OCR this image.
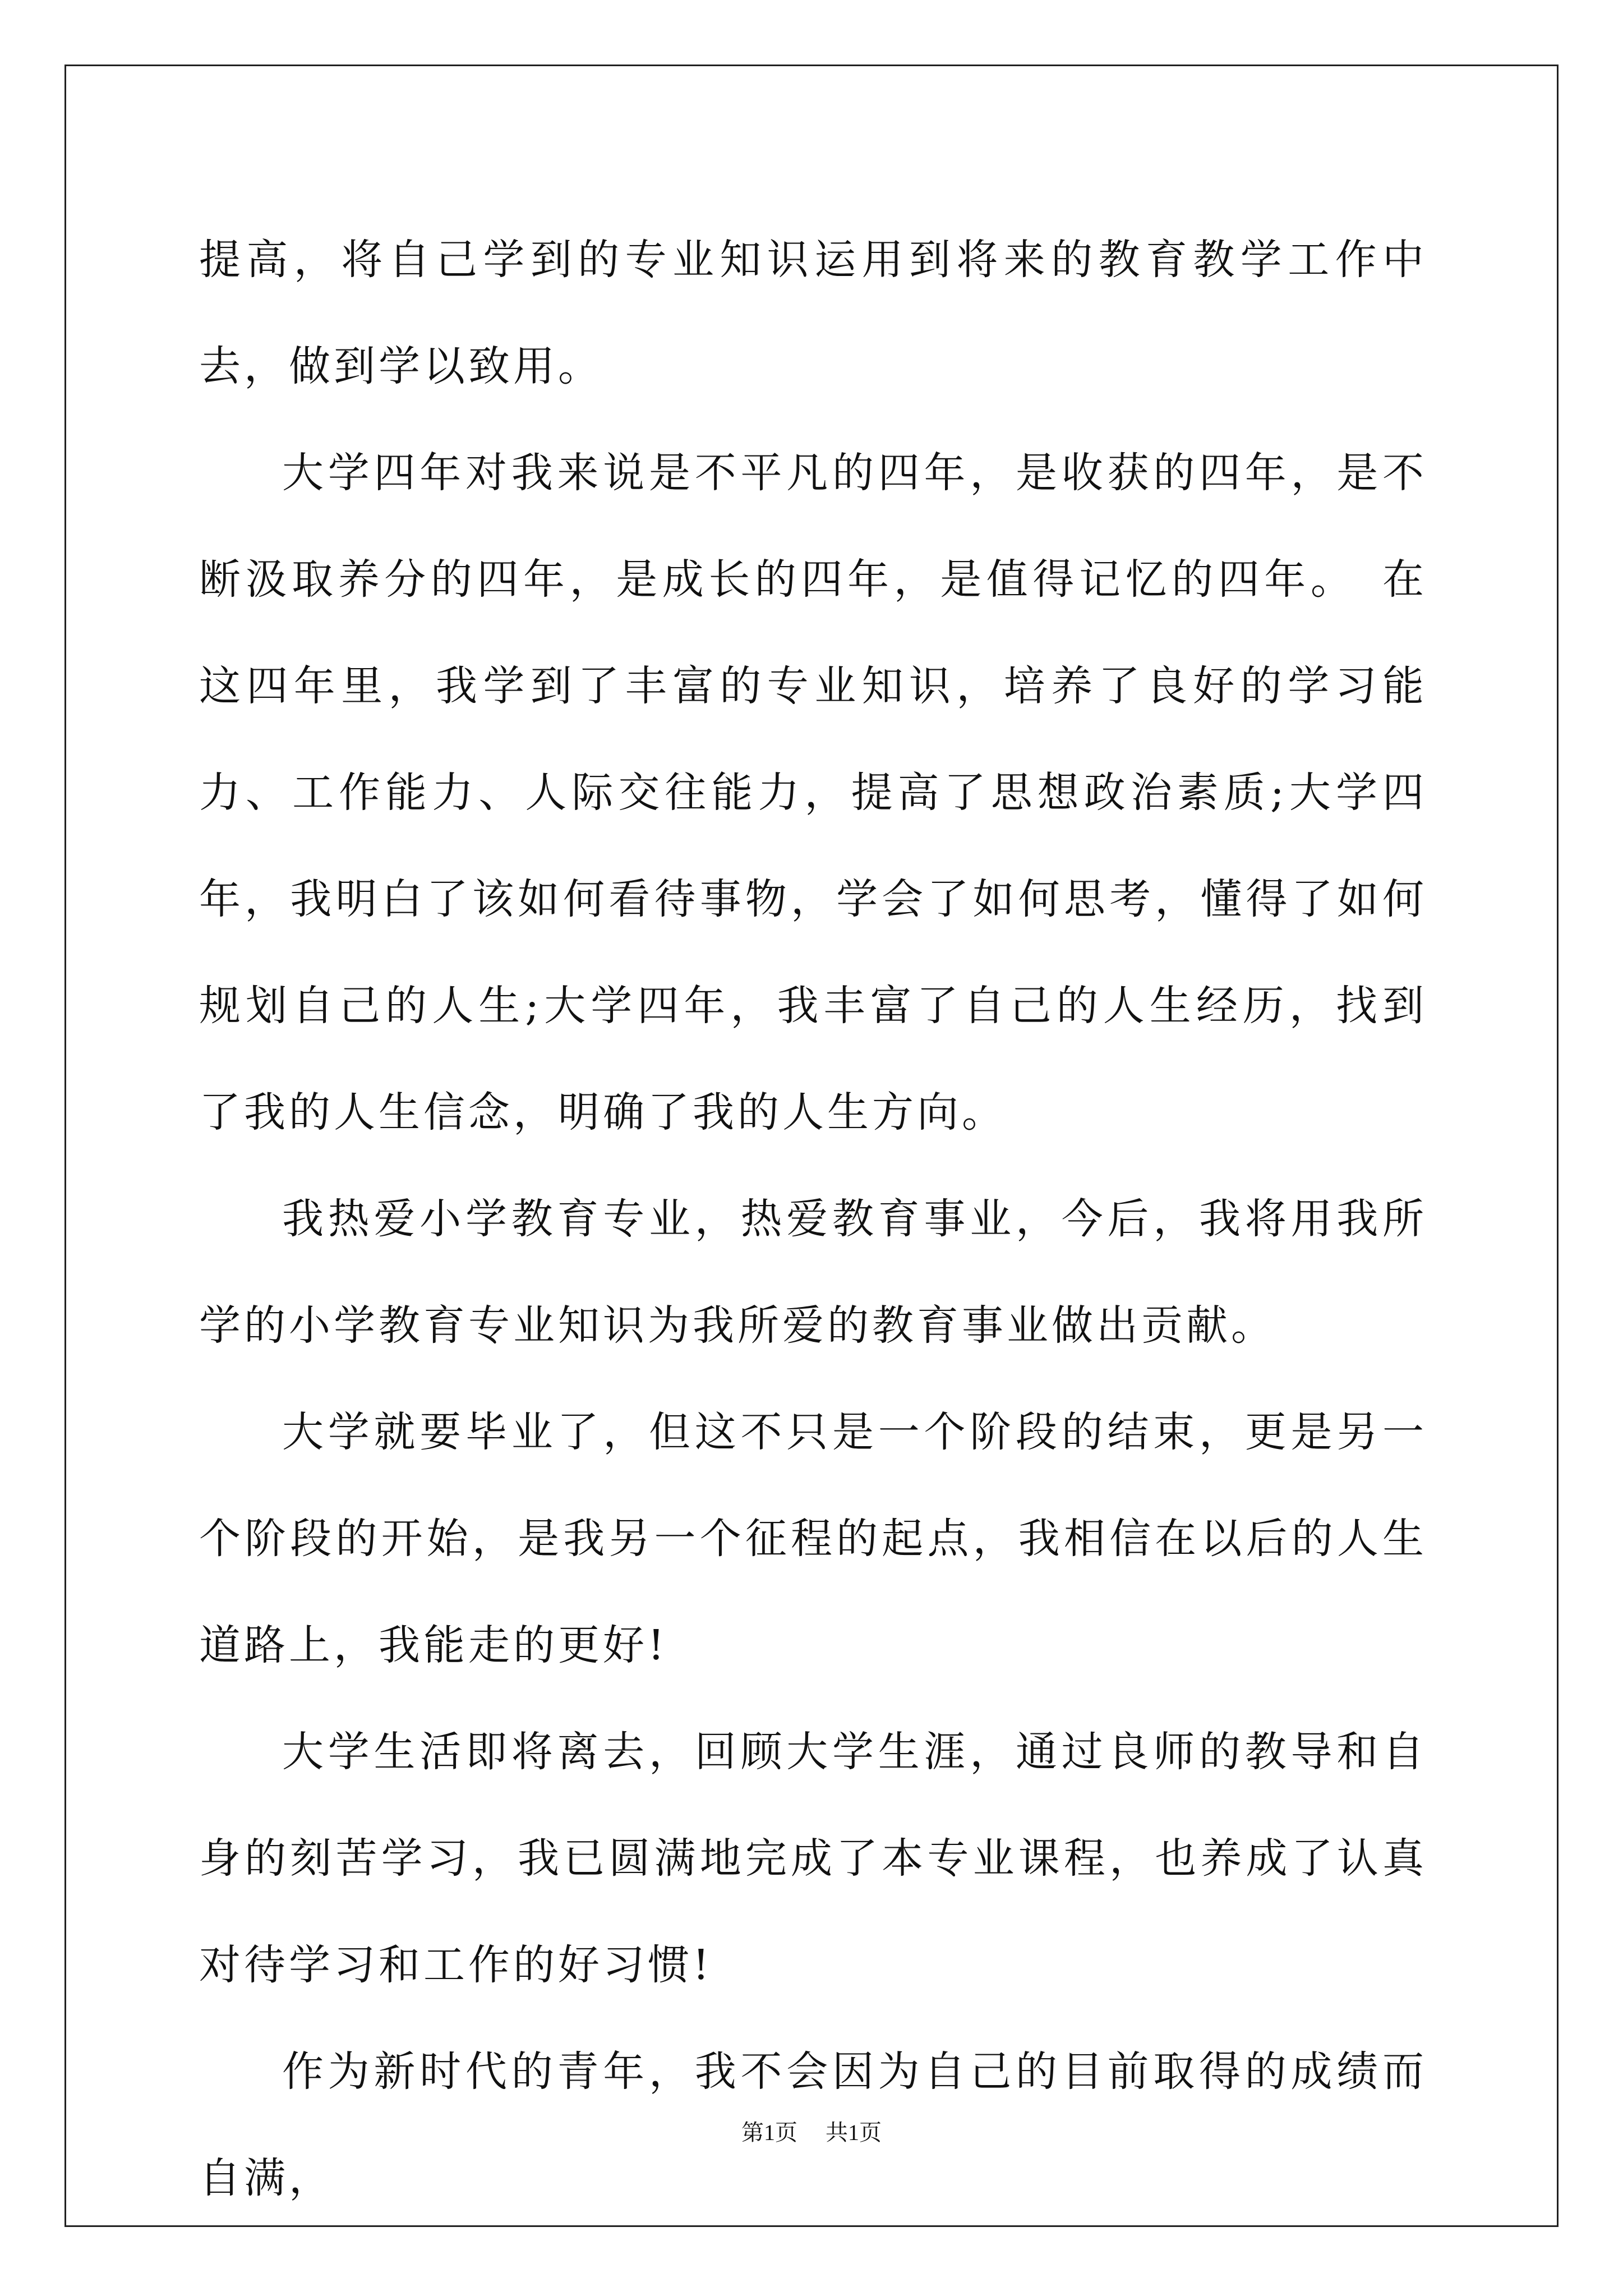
提高，将自己学到的专业知识运用到将来的教育教学工作中去，做到学以致用。

大学四年对我来说是不平凡的四年，是收获的四年，是不断汲取养分的四年，是成长的四年，是值得记忆的四年。　在这四年里，我学到了丰富的专业知识，培养了良好的学习能力、工作能力、人际交往能力，提高了思想政治素质;大学四年，我明白了该如何看待事物，学会了如何思考，懂得了如何规划自己的人生;大学四年，我丰富了自己的人生经历，找到了我的人生信念，明确了我的人生方向。

我热爱小学教育专业，热爱教育事业，今后，我将用我所学的小学教育专业知识为我所爱的教育事业做出贡献。

大学就要毕业了，但这不只是一个阶段的结束，更是另一个阶段的开始，是我另一个征程的起点，我相信在以后的人生道路上，我能走的更好!

大学生活即将离去，回顾大学生涯，通过良师的教导和自身的刻苦学习，我已圆满地完成了本专业课程，也养成了认真对待学习和工作的好习惯!

作为新时代的青年，我不会因为自己的目前取得的成绩而自满，

第1页 共1页
